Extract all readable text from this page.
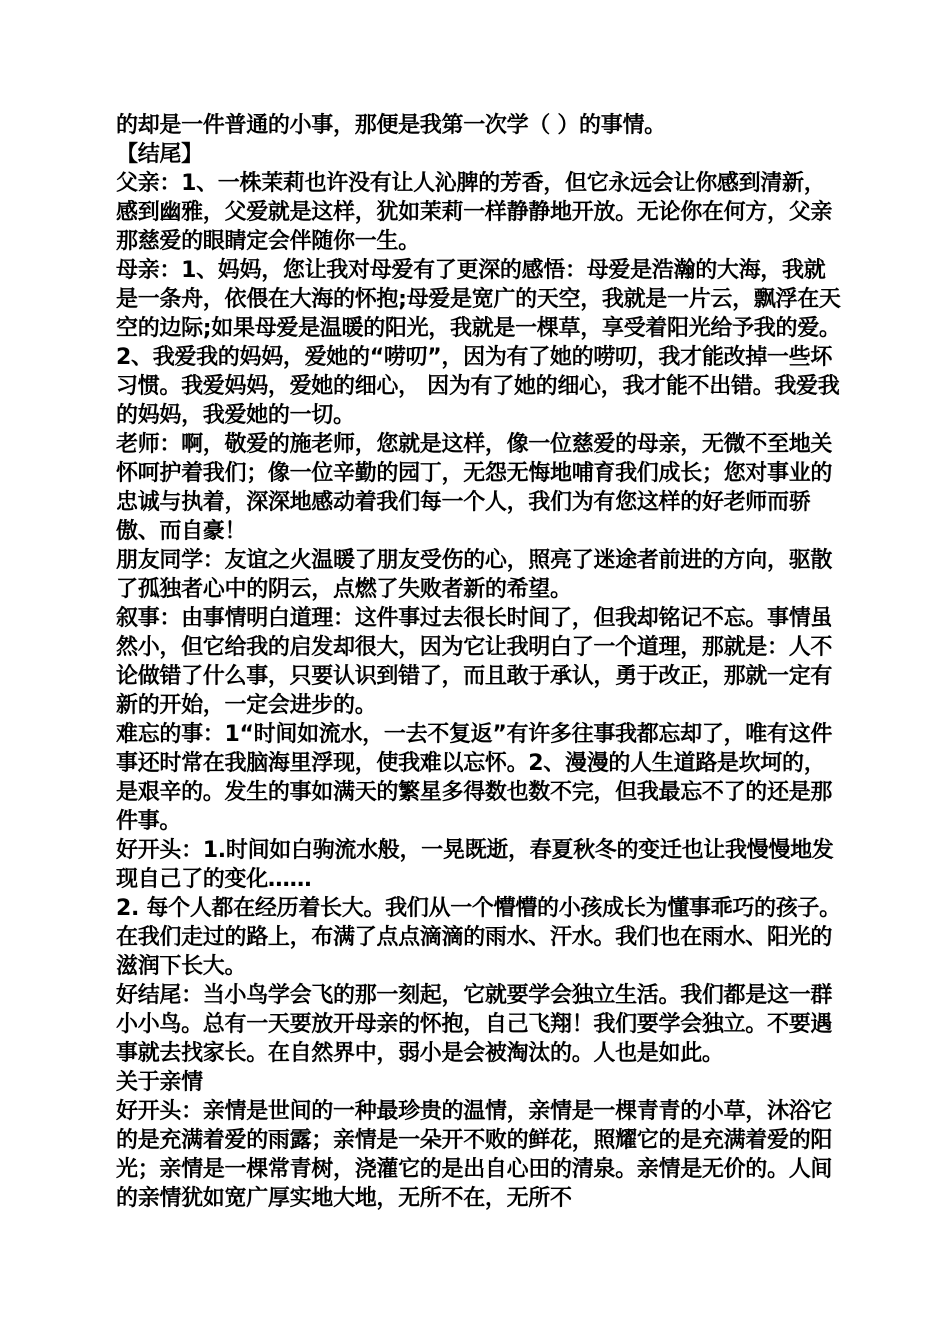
的却是一件普通的小事，那便是我第一次学（ ）的事情。

【结尾】

父亲：1、一株茉莉也许没有让人沁脾的芳香，但它永远会让你感到清新，感到幽雅，父爱就是这样，犹如茉莉一样静静地开放。无论你在何方，父亲那慈爱的眼睛定会伴随你一生。

母亲：1、妈妈，您让我对母爱有了更深的感悟：母爱是浩瀚的大海，我就是一条舟，依偎在大海的怀抱;母爱是宽广的天空，我就是一片云，飘浮在天空的边际;如果母爱是温暖的阳光，我就是一棵草，享受着阳光给予我的爱。

2、我爱我的妈妈，爱她的“唠叨”，因为有了她的唠叨，我才能改掉一些坏习惯。我爱妈妈，爱她的细心， 因为有了她的细心，我才能不出错。我爱我的妈妈，我爱她的一切。

老师：啊，敬爱的施老师，您就是这样，像一位慈爱的母亲，无微不至地关怀呵护着我们；像一位辛勤的园丁，无怨无悔地哺育我们成长；您对事业的忠诚与执着，深深地感动着我们每一个人，我们为有您这样的好老师而骄傲、而自豪！

朋友同学：友谊之火温暖了朋友受伤的心，照亮了迷途者前进的方向，驱散了孤独者心中的阴云，点燃了失败者新的希望。

叙事：由事情明白道理：这件事过去很长时间了，但我却铭记不忘。事情虽然小，但它给我的启发却很大，因为它让我明白了一个道理，那就是：人不论做错了什么事，只要认识到错了，而且敢于承认，勇于改正，那就一定有新的开始，一定会进步的。

难忘的事：1“时间如流水，一去不复返”有许多往事我都忘却了，唯有这件事还时常在我脑海里浮现，使我难以忘怀。2、漫漫的人生道路是坎坷的，是艰辛的。发生的事如满天的繁星多得数也数不完，但我最忘不了的还是那件事。

好开头：1.时间如白驹流水般，一晃既逝，春夏秋冬的变迁也让我慢慢地发现自己了的变化……

2. 每个人都在经历着长大。我们从一个懵懵的小孩成长为懂事乖巧的孩子。在我们走过的路上，布满了点点滴滴的雨水、汗水。我们也在雨水、阳光的滋润下长大。

好结尾：当小鸟学会飞的那一刻起，它就要学会独立生活。我们都是这一群小小鸟。总有一天要放开母亲的怀抱，自己飞翔！我们要学会独立。不要遇事就去找家长。在自然界中，弱小是会被淘汰的。人也是如此。

关于亲情

好开头：亲情是世间的一种最珍贵的温情，亲情是一棵青青的小草，沐浴它的是充满着爱的雨露；亲情是一朵开不败的鲜花，照耀它的是充满着爱的阳光；亲情是一棵常青树，浇灌它的是出自心田的清泉。亲情是无价的。人间的亲情犹如宽广厚实地大地，无所不在，无所不
